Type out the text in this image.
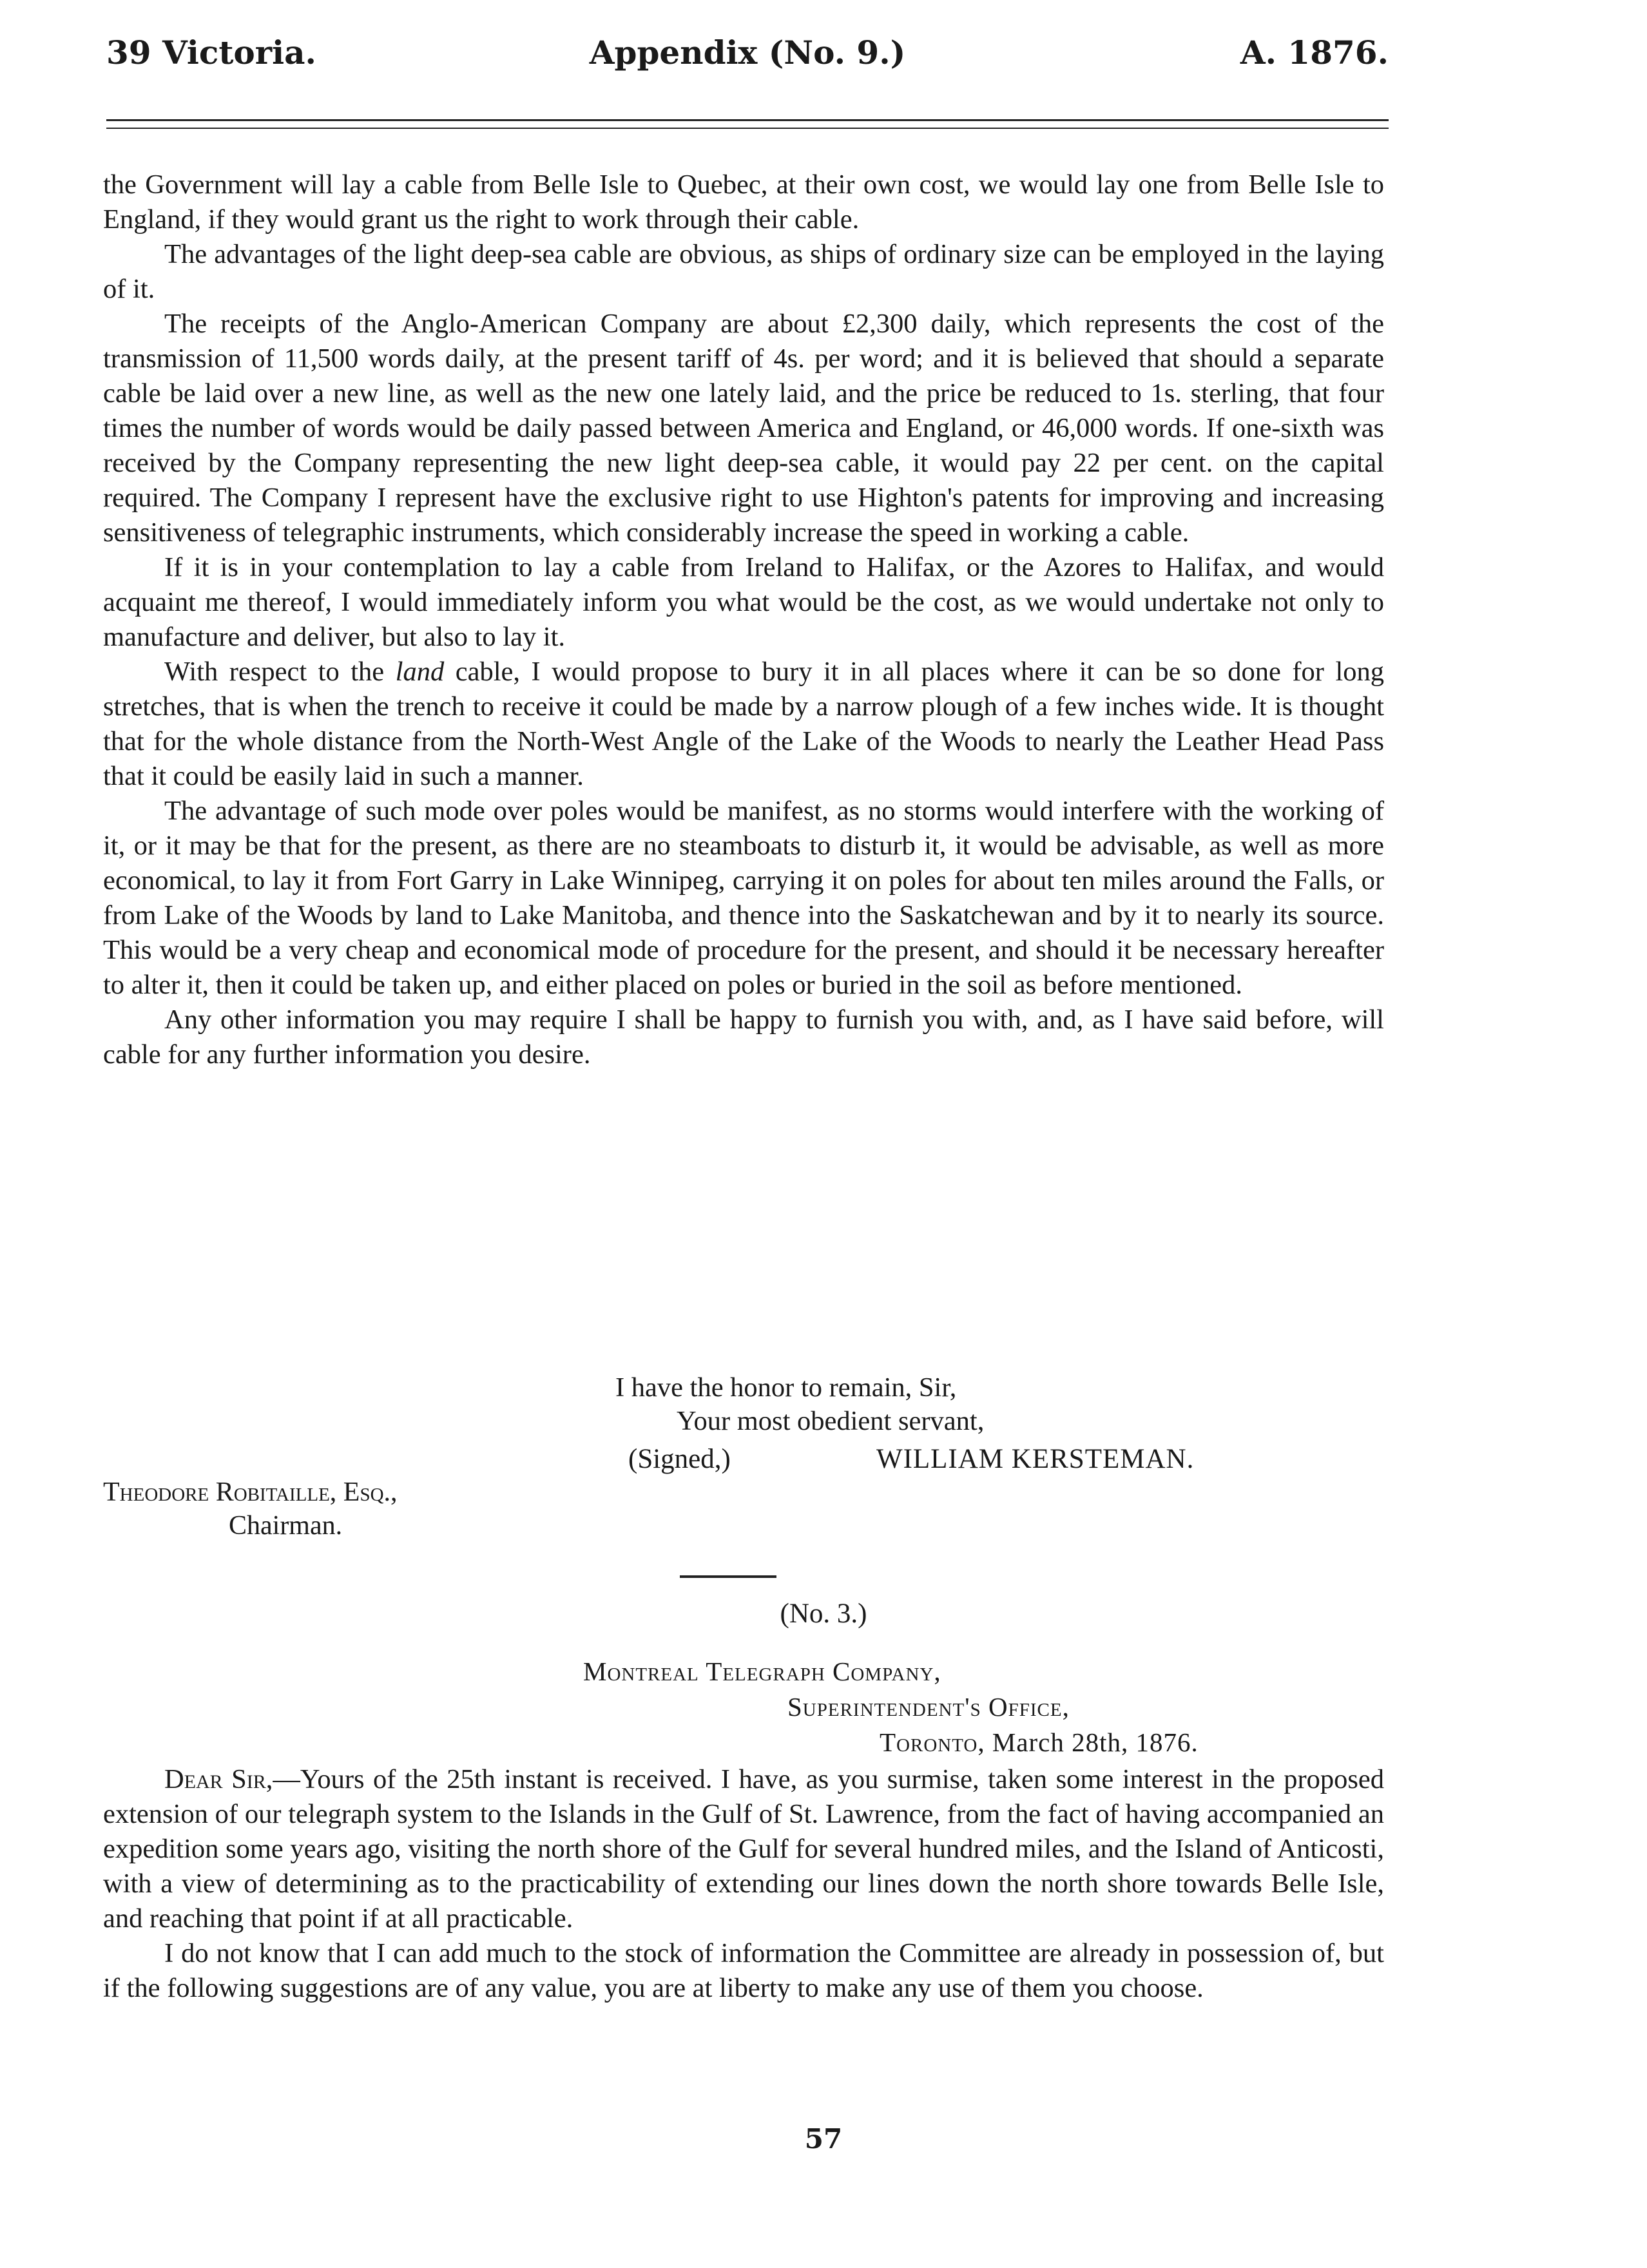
39 Victoria.	Appendix (No. 9.)	A. 1876.

the Government will lay a cable from Belle Isle to Quebec, at their own cost, we would lay one from Belle Isle to England, if they would grant us the right to work through their cable.

The advantages of the light deep-sea cable are obvious, as ships of ordinary size can be employed in the laying of it.

The receipts of the Anglo-American Company are about £2,300 daily, which represents the cost of the transmission of 11,500 words daily, at the present tariff of 4s. per word; and it is believed that should a separate cable be laid over a new line, as well as the new one lately laid, and the price be reduced to 1s. sterling, that four times the number of words would be daily passed between America and England, or 46,000 words. If one-sixth was received by the Company representing the new light deep-sea cable, it would pay 22 per cent. on the capital required. The Company I represent have the exclusive right to use Highton's patents for improving and increasing sensitiveness of telegraphic instruments, which considerably increase the speed in working a cable.

If it is in your contemplation to lay a cable from Ireland to Halifax, or the Azores to Halifax, and would acquaint me thereof, I would immediately inform you what would be the cost, as we would undertake not only to manufacture and deliver, but also to lay it.

With respect to the land cable, I would propose to bury it in all places where it can be so done for long stretches, that is when the trench to receive it could be made by a narrow plough of a few inches wide. It is thought that for the whole distance from the North-West Angle of the Lake of the Woods to nearly the Leather Head Pass that it could be easily laid in such a manner.

The advantage of such mode over poles would be manifest, as no storms would interfere with the working of it, or it may be that for the present, as there are no steamboats to disturb it, it would be advisable, as well as more economical, to lay it from Fort Garry in Lake Winnipeg, carrying it on poles for about ten miles around the Falls, or from Lake of the Woods by land to Lake Manitoba, and thence into the Saskatchewan and by it to nearly its source. This would be a very cheap and economical mode of procedure for the present, and should it be necessary hereafter to alter it, then it could be taken up, and either placed on poles or buried in the soil as before mentioned.

Any other information you may require I shall be happy to furnish you with, and, as I have said before, will cable for any further information you desire.

I have the honor to remain, Sir,
Your most obedient servant,
(Signed,)	WILLIAM KERSTEMAN.
Theodore Robitaille, Esq.,
Chairman.
(No. 3.)
Montreal Telegraph Company,
Superintendent's Office,
Toronto, March 28th, 1876.

Dear Sir,—Yours of the 25th instant is received. I have, as you surmise, taken some interest in the proposed extension of our telegraph system to the Islands in the Gulf of St. Lawrence, from the fact of having accompanied an expedition some years ago, visiting the north shore of the Gulf for several hundred miles, and the Island of Anticosti, with a view of determining as to the practicability of extending our lines down the north shore towards Belle Isle, and reaching that point if at all practicable.

I do not know that I can add much to the stock of information the Committee are already in possession of, but if the following suggestions are of any value, you are at liberty to make any use of them you choose.

57
